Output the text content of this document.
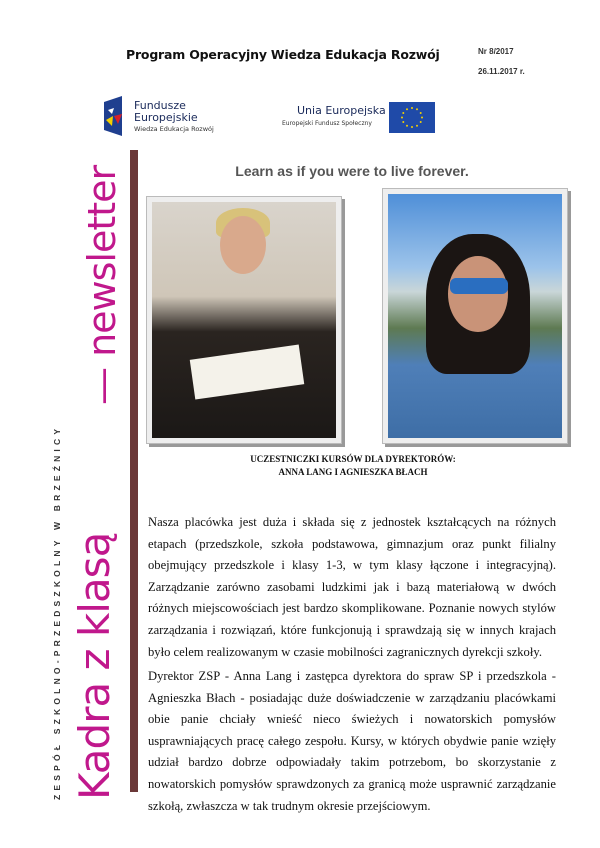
Program Operacyjny Wiedza Edukacja Rozwój	Nr 8/2017
26.11.2017 r.
Fundusze
Europejskie
Wiedza Edukacja Rozwój
Unia Europejska
Europejski Fundusz Społeczny
ZESPÓŁ SZKOLNO-PRZEDSZKOLNY W BRZEŹNICY Kadra z klasą
— newsletter	Learn as if you were to live forever.
UCZESTNICZKI KURSÓW DLA DYREKTORÓW:
ANNA LANG I AGNIESZKA BŁACH
Nasza placówka jest duża i składa się z jednostek kształcących na różnych etapach (przedszkole, szkoła podstawowa, gimnazjum oraz punkt filialny obejmujący przedszkole i klasy 1-3, w tym klasy łączone i integracyjną). Zarządzanie zarówno zasobami ludzkimi jak i bazą materiałową w dwóch różnych miejscowościach jest bardzo skomplikowane. Poznanie nowych stylów zarządzania i rozwiązań, które funkcjonują i sprawdzają się w innych krajach było celem realizowanym w czasie mobilności zagranicznych dyrekcji szkoły.
Dyrektor ZSP - Anna Lang i zastępca dyrektora do spraw SP i przedszkola - Agnieszka Błach - posiadając duże doświadczenie w zarządzaniu placówkami obie panie chciały wnieść nieco świeżych i nowatorskich pomysłów usprawniających pracę całego zespołu. Kursy, w których obydwie panie wzięły udział bardzo dobrze odpowiadały takim potrzebom, bo skorzystanie z nowatorskich pomysłów sprawdzonych za granicą może usprawnić zarządzanie szkołą, zwłaszcza w tak trudnym okresie przejściowym.
